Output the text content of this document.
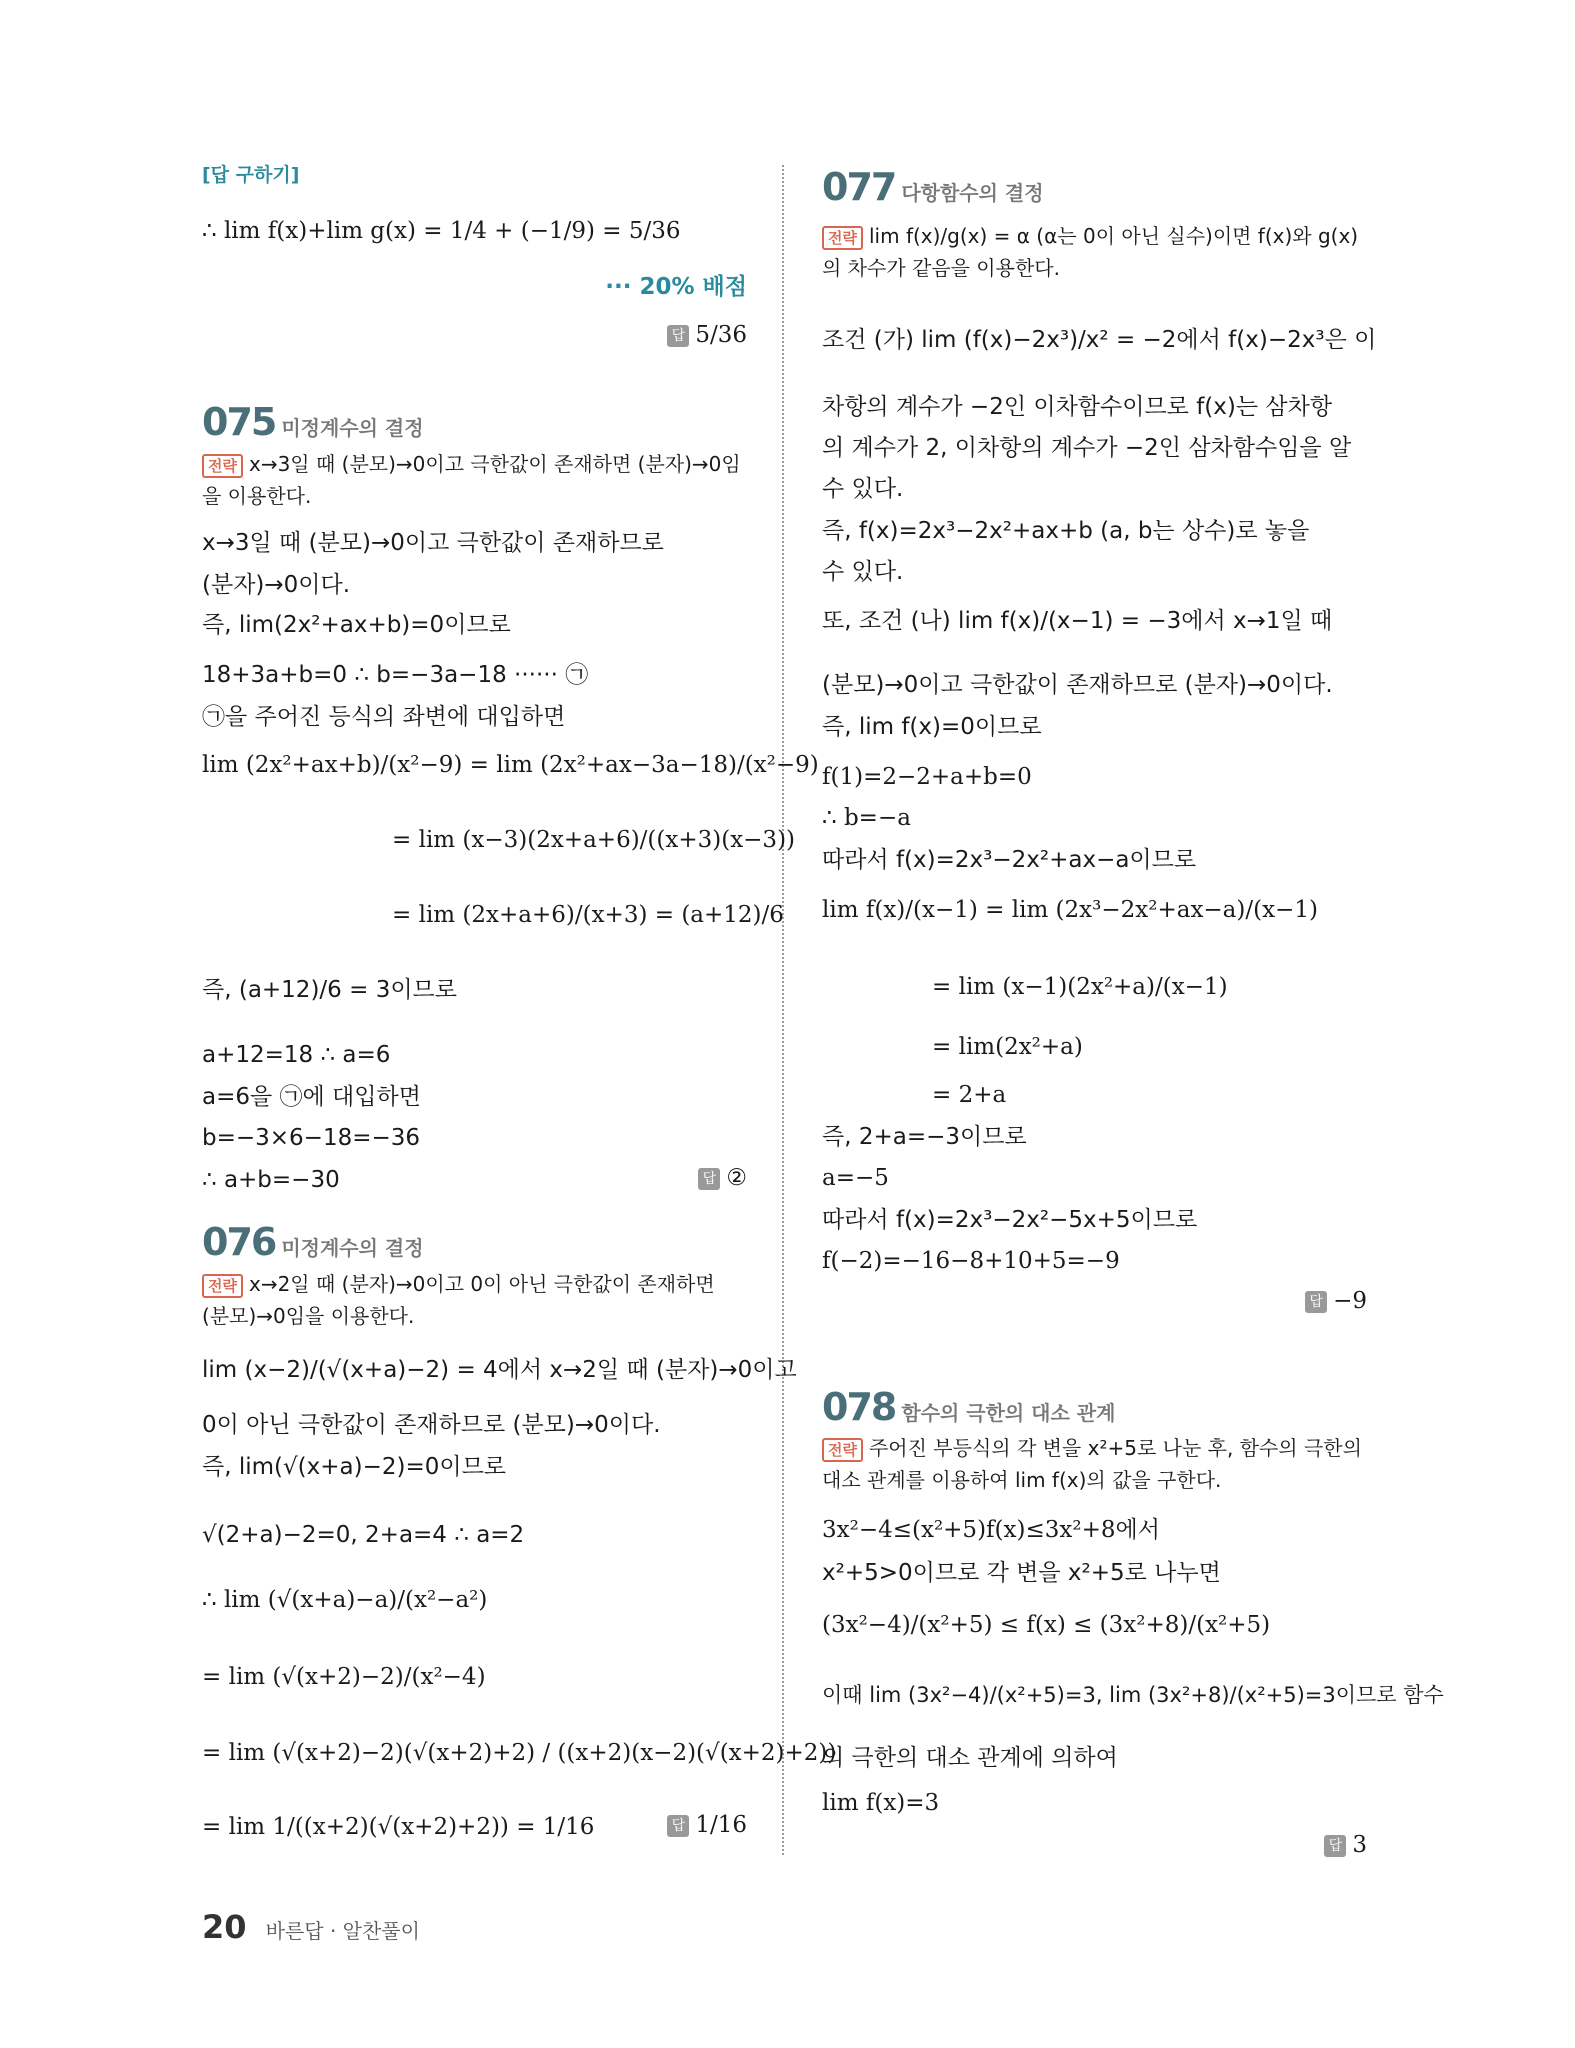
[답 구하기]
∴ lim f(x)+lim g(x) = 1/4 + (−1/9) = 5/36
··· 20% 배점
답 5/36
075 미정계수의 결정
전략 x→3일 때 (분모)→0이고 극한값이 존재하면 (분자)→0임을 이용한다.
x→3일 때 (분모)→0이고 극한값이 존재하므로
(분자)→0이다.
즉, lim(2x²+ax+b)=0이므로
18+3a+b=0 ∴ b=−3a−18 ······ ㉠
㉠을 주어진 등식의 좌변에 대입하면
lim (2x²+ax+b)/(x²−9) = lim (2x²+ax−3a−18)/(x²−9)
= lim (x−3)(2x+a+6)/((x+3)(x−3))
= lim (2x+a+6)/(x+3) = (a+12)/6
즉, (a+12)/6 = 3이므로
a+12=18 ∴ a=6
a=6을 ㉠에 대입하면
b=−3×6−18=−36
∴ a+b=−30	답 ②
076 미정계수의 결정
전략 x→2일 때 (분자)→0이고 0이 아닌 극한값이 존재하면 (분모)→0임을 이용한다.
lim (x−2)/(√(x+a)−2) = 4에서 x→2일 때 (분자)→0이고
0이 아닌 극한값이 존재하므로 (분모)→0이다.
즉, lim(√(x+a)−2)=0이므로
√(2+a)−2=0, 2+a=4 ∴ a=2
∴ lim (√(x+a)−a)/(x²−a²)
= lim (√(x+2)−2)/(x²−4)
= lim (√(x+2)−2)(√(x+2)+2) / ((x+2)(x−2)(√(x+2)+2))
= lim 1/((x+2)(√(x+2)+2)) = 1/16	답 1/16
077 다항함수의 결정
전략 lim f(x)/g(x) = α (α는 0이 아닌 실수)이면 f(x)와 g(x)의 차수가 같음을 이용한다.
조건 (가) lim (f(x)−2x³)/x² = −2에서 f(x)−2x³은 이
차항의 계수가 −2인 이차함수이므로 f(x)는 삼차항
의 계수가 2, 이차항의 계수가 −2인 삼차함수임을 알
수 있다.
즉, f(x)=2x³−2x²+ax+b (a, b는 상수)로 놓을
수 있다.
또, 조건 (나) lim f(x)/(x−1) = −3에서 x→1일 때
(분모)→0이고 극한값이 존재하므로 (분자)→0이다.
즉, lim f(x)=0이므로
f(1)=2−2+a+b=0
∴ b=−a
따라서 f(x)=2x³−2x²+ax−a이므로
lim f(x)/(x−1) = lim (2x³−2x²+ax−a)/(x−1)
= lim (x−1)(2x²+a)/(x−1)
= lim(2x²+a)
= 2+a
즉, 2+a=−3이므로
a=−5
따라서 f(x)=2x³−2x²−5x+5이므로
f(−2)=−16−8+10+5=−9
답 −9
078 함수의 극한의 대소 관계
전략 주어진 부등식의 각 변을 x²+5로 나눈 후, 함수의 극한의 대소 관계를 이용하여 lim f(x)의 값을 구한다.
3x²−4≤(x²+5)f(x)≤3x²+8에서
x²+5>0이므로 각 변을 x²+5로 나누면
(3x²−4)/(x²+5) ≤ f(x) ≤ (3x²+8)/(x²+5)
이때 lim (3x²−4)/(x²+5)=3, lim (3x²+8)/(x²+5)=3이므로 함수
의 극한의 대소 관계에 의하여
lim f(x)=3
답 3
20 바른답 · 알찬풀이
